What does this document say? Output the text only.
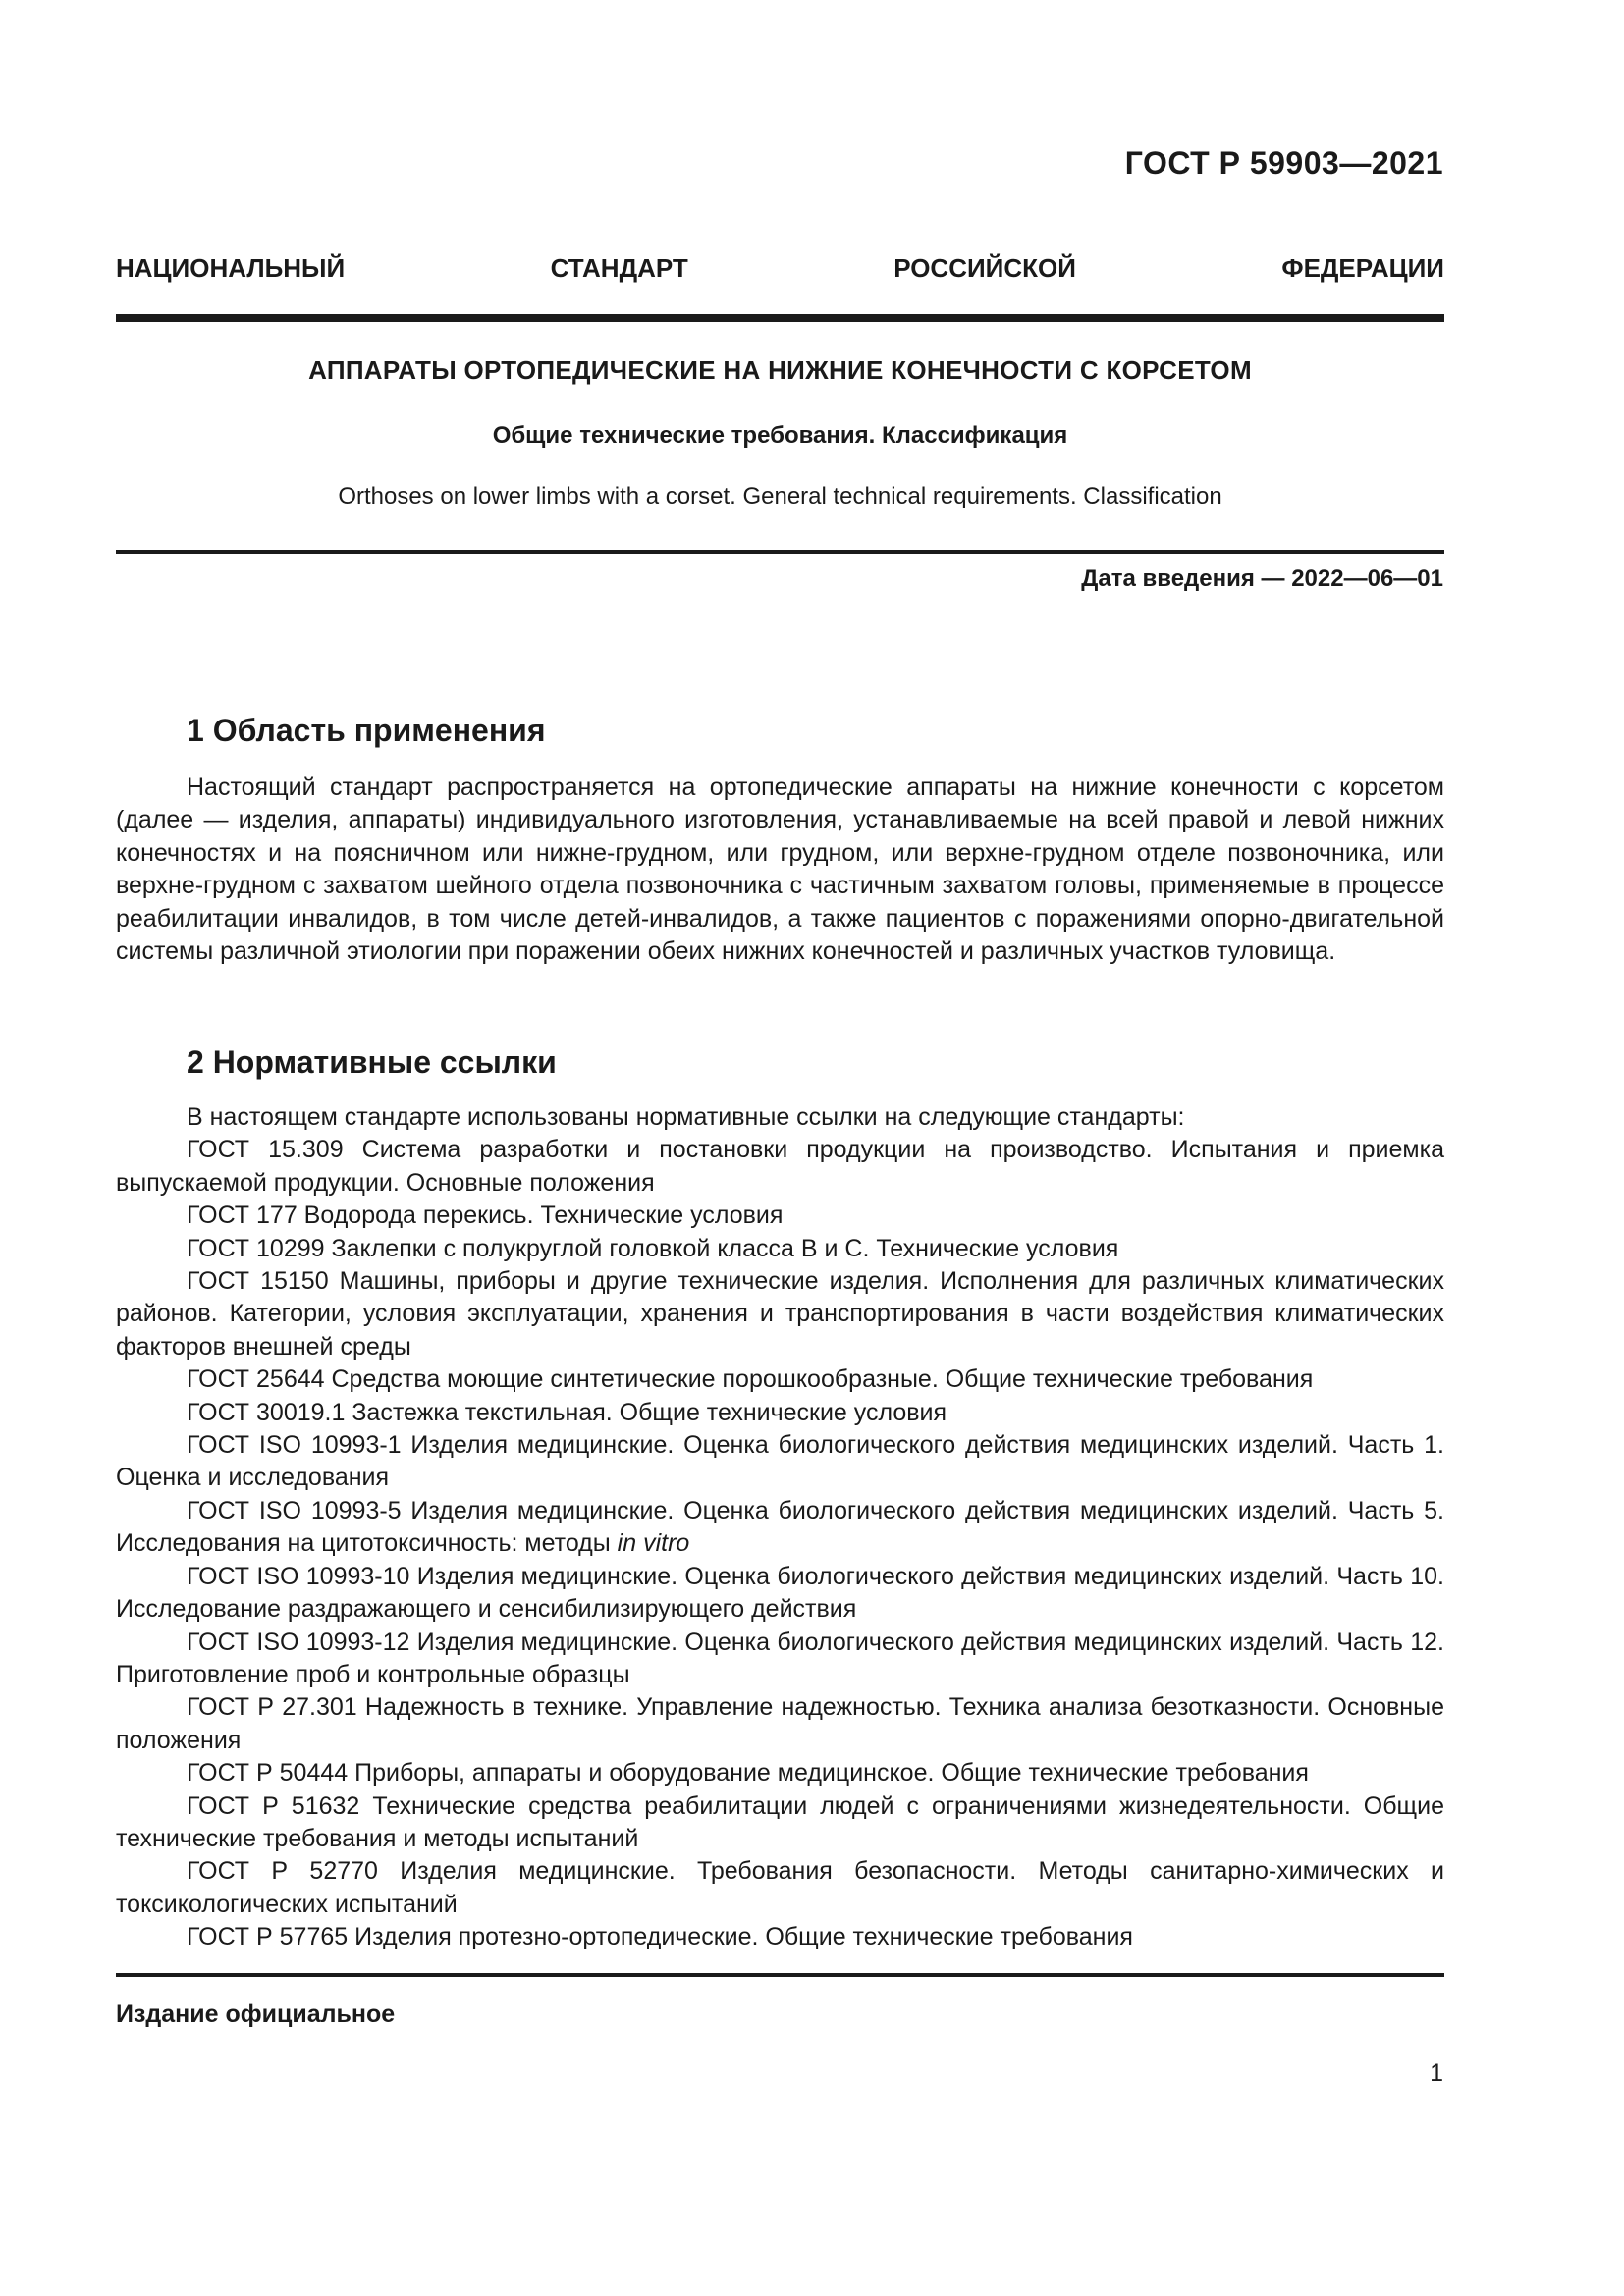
ГОСТ Р 59903—2021
НАЦИОНАЛЬНЫЙ	СТАНДАРТ	РОССИЙСКОЙ	ФЕДЕРАЦИИ
АППАРАТЫ ОРТОПЕДИЧЕСКИЕ НА НИЖНИЕ КОНЕЧНОСТИ С КОРСЕТОМ
Общие технические требования. Классификация
Orthoses on lower limbs with a corset. General technical requirements. Classification
Дата введения — 2022—06—01
1 Область применения

Настоящий стандарт распространяется на ортопедические аппараты на нижние конечности с корсетом (далее — изделия, аппараты) индивидуального изготовления, устанавливаемые на всей правой и левой нижних конечностях и на поясничном или нижне-грудном, или грудном, или верхне-грудном отделе позвоночника, или верхне-грудном с захватом шейного отдела позвоночника с частичным захватом головы, применяемые в процессе реабилитации инвалидов, в том числе детей-инвалидов, а также пациентов с поражениями опорно-двигательной системы различной этиологии при поражении обеих нижних конечностей и различных участков туловища.

2 Нормативные ссылки

В настоящем стандарте использованы нормативные ссылки на следующие стандарты:

ГОСТ 15.309 Система разработки и постановки продукции на производство. Испытания и приемка выпускаемой продукции. Основные положения

ГОСТ 177 Водорода перекись. Технические условия

ГОСТ 10299 Заклепки с полукруглой головкой класса В и С. Технические условия

ГОСТ 15150 Машины, приборы и другие технические изделия. Исполнения для различных климатических районов. Категории, условия эксплуатации, хранения и транспортирования в части воздействия климатических факторов внешней среды

ГОСТ 25644 Средства моющие синтетические порошкообразные. Общие технические требования

ГОСТ 30019.1 Застежка текстильная. Общие технические условия

ГОСТ ISO 10993-1 Изделия медицинские. Оценка биологического действия медицинских изделий. Часть 1. Оценка и исследования

ГОСТ ISO 10993-5 Изделия медицинские. Оценка биологического действия медицинских изделий. Часть 5. Исследования на цитотоксичность: методы in vitro

ГОСТ ISO 10993-10 Изделия медицинские. Оценка биологического действия медицинских изделий. Часть 10. Исследование раздражающего и сенсибилизирующего действия

ГОСТ ISO 10993-12 Изделия медицинские. Оценка биологического действия медицинских изделий. Часть 12. Приготовление проб и контрольные образцы

ГОСТ Р 27.301 Надежность в технике. Управление надежностью. Техника анализа безотказности. Основные положения

ГОСТ Р 50444 Приборы, аппараты и оборудование медицинское. Общие технические требования

ГОСТ Р 51632 Технические средства реабилитации людей с ограничениями жизнедеятельности. Общие технические требования и методы испытаний

ГОСТ Р 52770 Изделия медицинские. Требования безопасности. Методы санитарно-химических и токсикологических испытаний

ГОСТ Р 57765 Изделия протезно-ортопедические. Общие технические требования

Издание официальное
1
